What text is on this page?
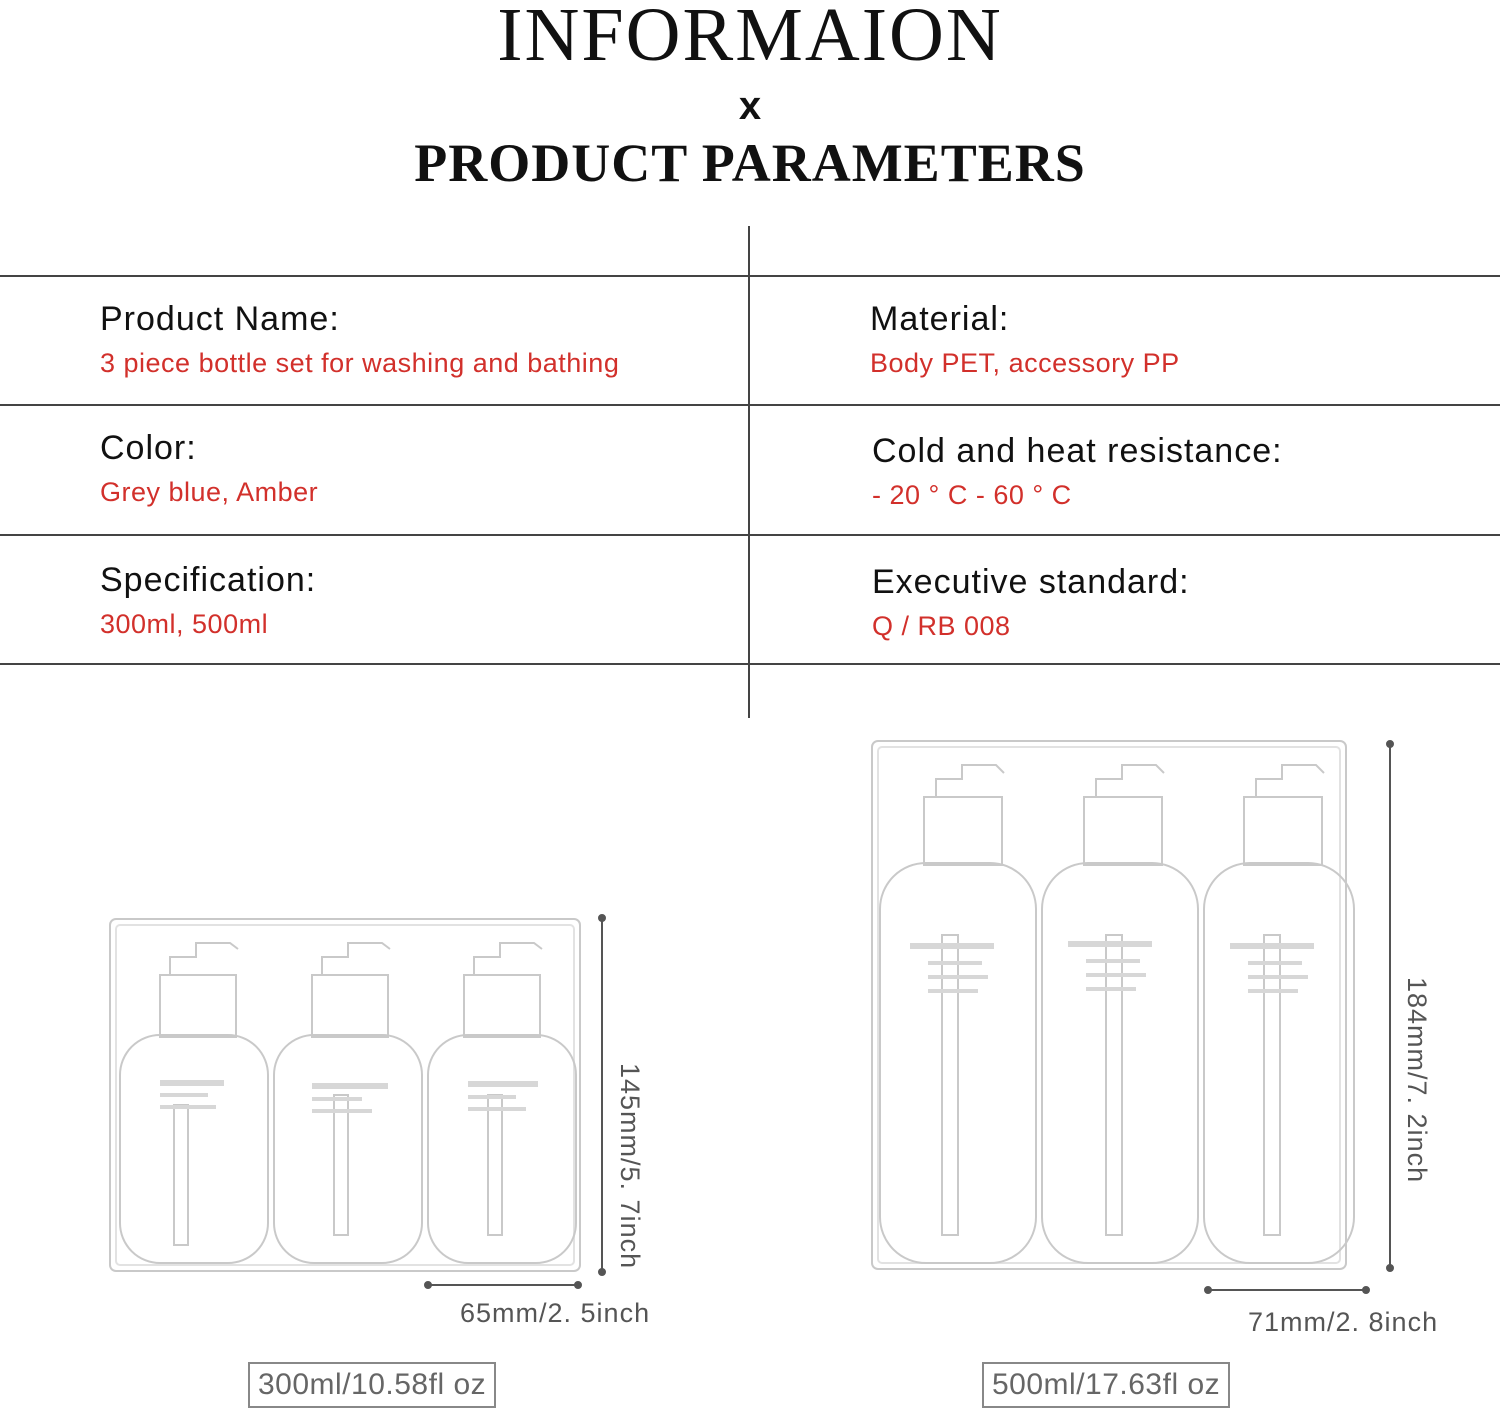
INFORMAION
x
PRODUCT PARAMETERS
Product Name:
3 piece bottle set for washing and bathing
Material:
Body PET, accessory PP
Color:
Grey blue, Amber
Cold and heat resistance:
- 20 ° C - 60 ° C
Specification:
300ml, 500ml
Executive standard:
Q / RB 008
145mm/5. 7inch
65mm/2. 5inch
300ml/10.58fl oz
184mm/7. 2inch
71mm/2. 8inch
500ml/17.63fl oz
